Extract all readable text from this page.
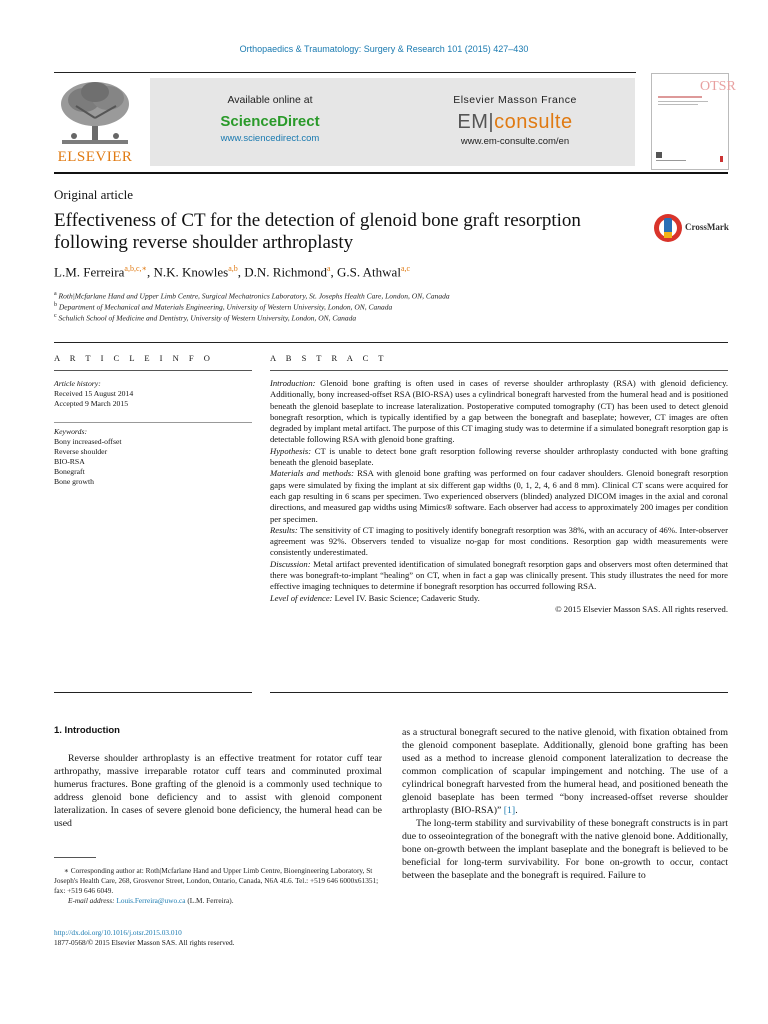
Orthopaedics & Traumatology: Surgery & Research 101 (2015) 427–430
ELSEVIER
Available online at
ScienceDirect
www.sciencedirect.com
Elsevier Masson France
EM|consulte
www.em-consulte.com/en
OTSR
Original article
Effectiveness of CT for the detection of glenoid bone graft resorption following reverse shoulder arthroplasty
CrossMark
L.M. Ferreira$^{a,b,c,∗}$, N.K. Knowles$^{a,b}$, D.N. Richmond$^a$, G.S. Athwal$^{a,c}$
$^a$ Roth|Mcfarlane Hand and Upper Limb Centre, Surgical Mechatronics Laboratory, St. Josephs Health Care, London, ON, Canada
$^b$ Department of Mechanical and Materials Engineering, University of Western University, London, ON, Canada
$^c$ Schulich School of Medicine and Dentistry, University of Western University, London, ON, Canada
A R T I C L E I N F O
Article history:
Received 15 August 2014
Accepted 9 March 2015
Keywords:
Bony increased-offset
Reverse shoulder
BIO-RSA
Bonegraft
Bone growth
A B S T R A C T

Introduction: Glenoid bone grafting is often used in cases of reverse shoulder arthroplasty (RSA) with glenoid deficiency. Additionally, bony increased-offset RSA (BIO-RSA) uses a cylindrical bonegraft harvested from the humeral head and is positioned beneath the glenoid baseplate to increase lateralization. Postoperative computed tomography (CT) has been used to detect glenoid bonegraft resorption, which is typically identified by a gap between the bonegraft and baseplate; however, CT images are often degraded by implant metal artifact. The purpose of this CT imaging study was to determine if a simulated bonegraft resorption gap is detectable following RSA with glenoid bone grafting.

Hypothesis: CT is unable to detect bone graft resorption following reverse shoulder arthroplasty conducted with bone grafting beneath the glenoid baseplate.

Materials and methods: RSA with glenoid bone grafting was performed on four cadaver shoulders. Glenoid bonegraft resorption gaps were simulated by fixing the implant at six different gap widths (0, 1, 2, 4, 6 and 8 mm). Clinical CT scans were acquired for each gap resulting in 6 scans per specimen. Two experienced observers (blinded) analyzed DICOM images in the axial and coronal directions, and measured gap widths using Mimics® software. Each observer had access to approximately 200 images per condition per specimen.

Results: The sensitivity of CT imaging to positively identify bonegraft resorption was 38%, with an accuracy of 46%. Inter-observer agreement was 92%. Observers tended to visualize no-gap for most conditions. Resorption gap width measurements were consistently underestimated.

Discussion: Metal artifact prevented identification of simulated bonegraft resorption gaps and observers most often determined that there was bonegraft-to-implant “healing” on CT, when in fact a gap was clinically present. This study illustrates the need for more effective imaging techniques to determine if bonegraft resorption has occurred following RSA.

Level of evidence: Level IV. Basic Science; Cadaveric Study.

© 2015 Elsevier Masson SAS. All rights reserved.

1. Introduction

Reverse shoulder arthroplasty is an effective treatment for rotator cuff tear arthropathy, massive irreparable rotator cuff tears and comminuted proximal humerus fractures. Bone grafting of the glenoid is a commonly used technique to address glenoid bone deficiency and to assist with glenoid component lateralization. In cases of severe glenoid bone deficiency, the humeral head can be used

as a structural bonegraft secured to the native glenoid, with fixation obtained from the glenoid component baseplate. Additionally, glenoid bone grafting has been used as a method to increase glenoid component lateralization to decrease the common complication of scapular impingement and notching. The use of a cylindrical bonegraft harvested from the humeral head, and positioned beneath the glenoid baseplate has been termed “bony increased-offset reverse shoulder arthroplasty (BIO-RSA)” [1].

The long-term stability and survivability of these bonegraft constructs is in part due to osseointegration of the bonegraft with the native glenoid bone. Additionally, bone on-growth between the implant baseplate and the bonegraft is believed to be beneficial for long-term survivability. For bone on-growth to occur, contact between the baseplate and the bonegraft is required. Failure to

∗ Corresponding author at: Roth|Mcfarlane Hand and Upper Limb Centre, Bioengineering Laboratory, St Joseph's Health Care, 268, Grosvenor Street, London, Ontario, Canada, N6A 4L6. Tel.: +519 646 6000x61351; fax: +519 646 6049.

E-mail address: Louis.Ferreira@uwo.ca (L.M. Ferreira).

http://dx.doi.org/10.1016/j.otsr.2015.03.010
1877-0568/© 2015 Elsevier Masson SAS. All rights reserved.
